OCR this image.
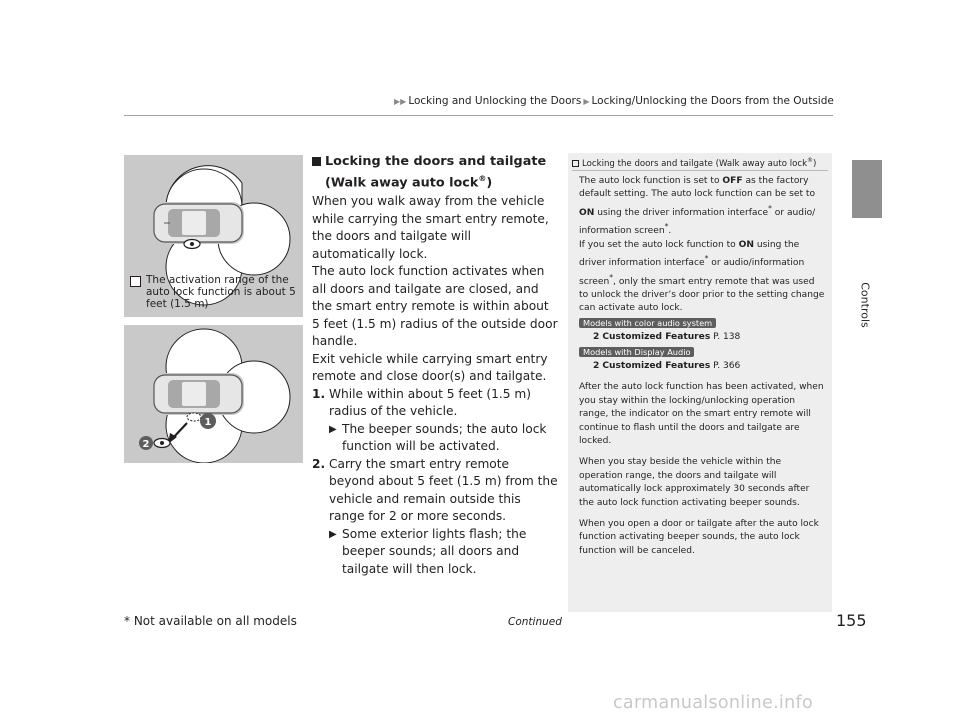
▶▶ Locking and Unlocking the Doors ▶ Locking/Unlocking the Doors from the Outside
Controls
The activation range of the auto lock function is about 5 feet (1.5 m)
1
2
Locking the doors and tailgate (Walk away auto lock®)

When you walk away from the vehicle while carrying the smart entry remote, the doors and tailgate will automatically lock.

The auto lock function activates when all doors and tailgate are closed, and the smart entry remote is within about 5 feet (1.5 m) radius of the outside door handle.

Exit vehicle while carrying smart entry remote and close door(s) and tailgate.

1. While within about 5 feet (1.5 m) radius of the vehicle.
▶ The beeper sounds; the auto lock function will be activated.
2. Carry the smart entry remote beyond about 5 feet (1.5 m) from the vehicle and remain outside this range for 2 or more seconds.
▶ Some exterior lights flash; the beeper sounds; all doors and tailgate will then lock.
Locking the doors and tailgate (Walk away auto lock®)

The auto lock function is set to OFF as the factory default setting. The auto lock function can be set to ON using the driver information interface* or audio/ information screen*.

If you set the auto lock function to ON using the driver information interface* or audio/information screen*, only the smart entry remote that was used to unlock the driver’s door prior to the setting change can activate auto lock.

Models with color audio system
2 Customized Features P. 138
Models with Display Audio
2 Customized Features P. 366

After the auto lock function has been activated, when you stay within the locking/unlocking operation range, the indicator on the smart entry remote will continue to flash until the doors and tailgate are locked.

When you stay beside the vehicle within the operation range, the doors and tailgate will automatically lock approximately 30 seconds after the auto lock function activating beeper sounds.

When you open a door or tailgate after the auto lock function activating beeper sounds, the auto lock function will be canceled.

* Not available on all models	Continued	155
carmanualsonline.info
